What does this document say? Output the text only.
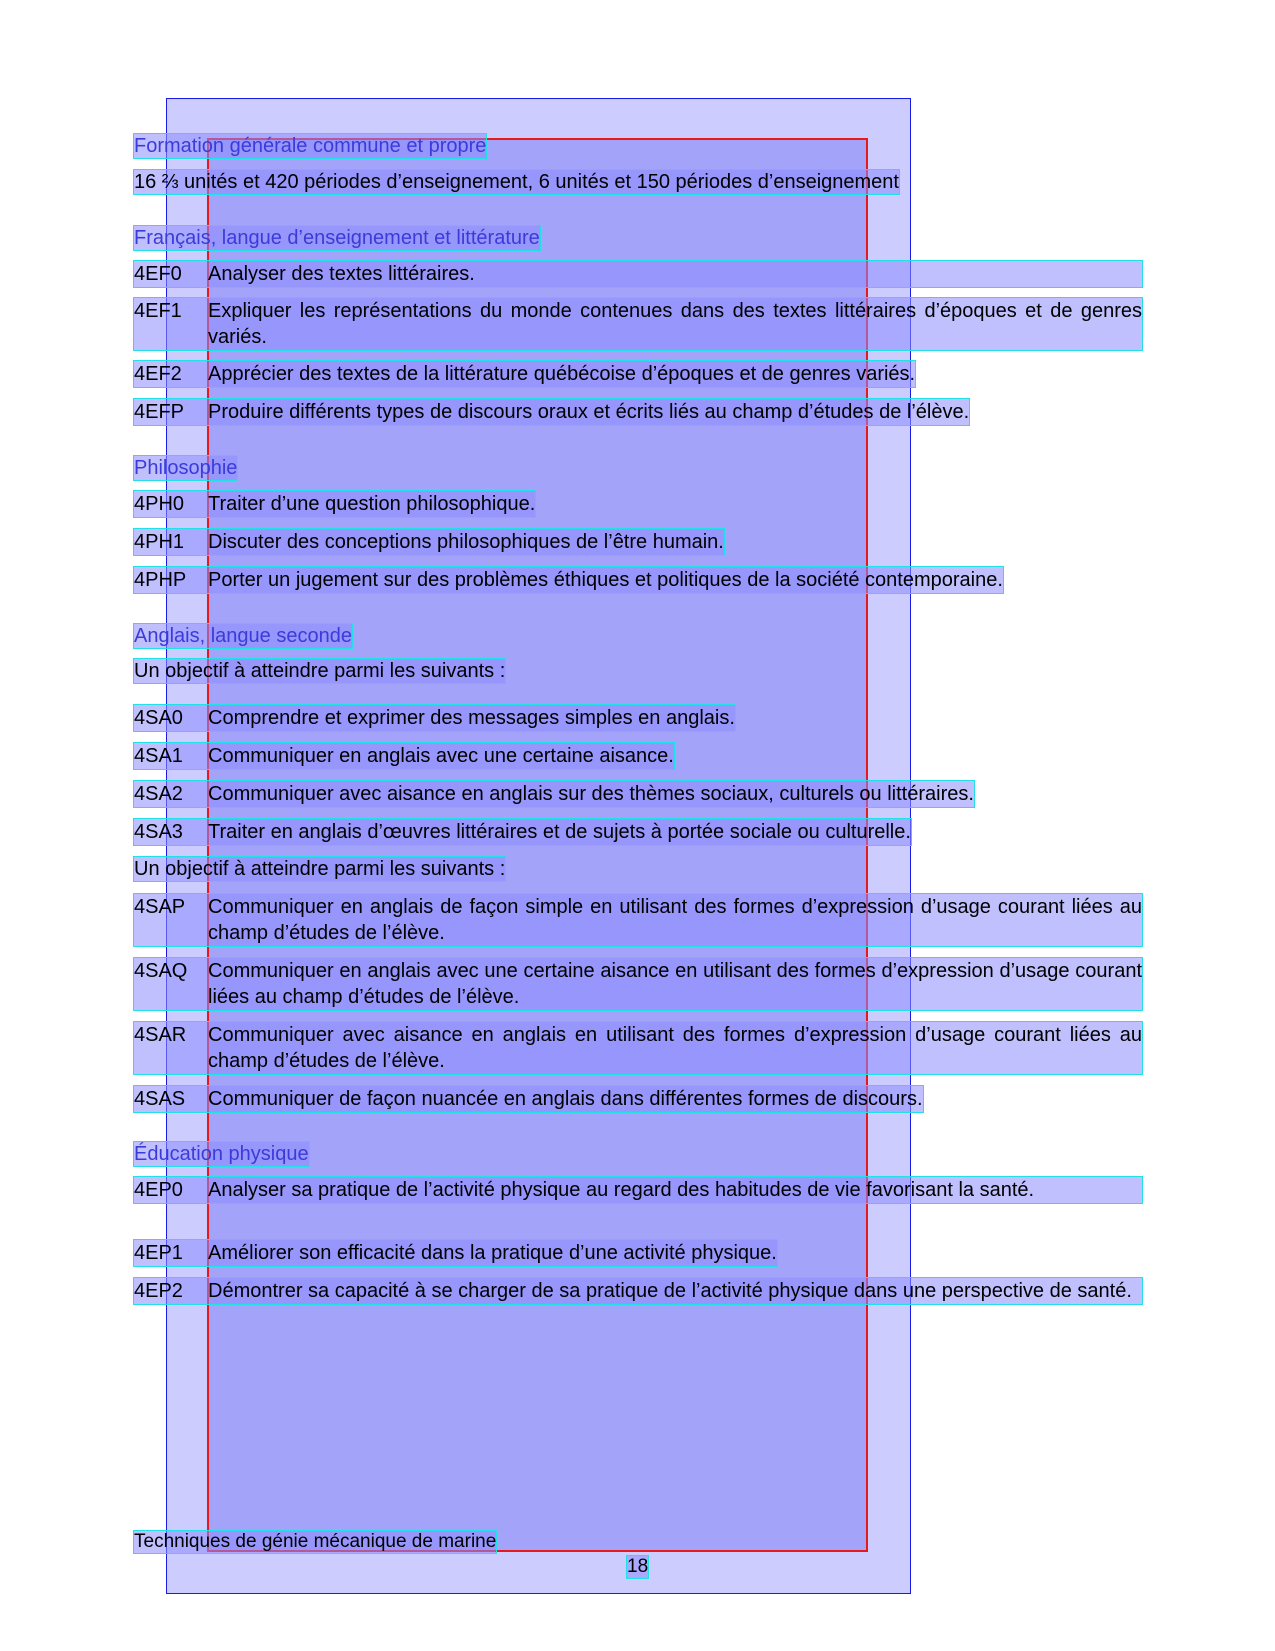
Formation générale commune et propre
16 ⅔ unités et 420 périodes d’enseignement, 6 unités et 150 périodes d’enseignement
Français, langue d’enseignement et littérature
4EF0	Analyser des textes littéraires.
4EF1	Expliquer les représentations du monde contenues dans des textes littéraires d’époques et de genres variés.
4EF2	Apprécier des textes de la littérature québécoise d’époques et de genres variés.
4EFP	Produire différents types de discours oraux et écrits liés au champ d’études de l’élève.
Philosophie
4PH0	Traiter d’une question philosophique.
4PH1	Discuter des conceptions philosophiques de l’être humain.
4PHP	Porter un jugement sur des problèmes éthiques et politiques de la société contemporaine.
Anglais, langue seconde
Un objectif à atteindre parmi les suivants :
4SA0	Comprendre et exprimer des messages simples en anglais.
4SA1	Communiquer en anglais avec une certaine aisance.
4SA2	Communiquer avec aisance en anglais sur des thèmes sociaux, culturels ou littéraires.
4SA3	Traiter en anglais d’œuvres littéraires et de sujets à portée sociale ou culturelle.
Un objectif à atteindre parmi les suivants :
4SAP	Communiquer en anglais de façon simple en utilisant des formes d’expression d’usage courant liées au champ d’études de l’élève.
4SAQ	Communiquer en anglais avec une certaine aisance en utilisant des formes d’expression d’usage courant liées au champ d’études de l’élève.
4SAR	Communiquer avec aisance en anglais en utilisant des formes d’expression d’usage courant liées au champ d’études de l’élève.
4SAS	Communiquer de façon nuancée en anglais dans différentes formes de discours.
Éducation physique
4EP0	Analyser sa pratique de l’activité physique au regard des habitudes de vie favorisant la santé.
4EP1	Améliorer son efficacité dans la pratique d’une activité physique.
4EP2	Démontrer sa capacité à se charger de sa pratique de l’activité physique dans une perspective de santé.
Techniques de génie mécanique de marine
18
